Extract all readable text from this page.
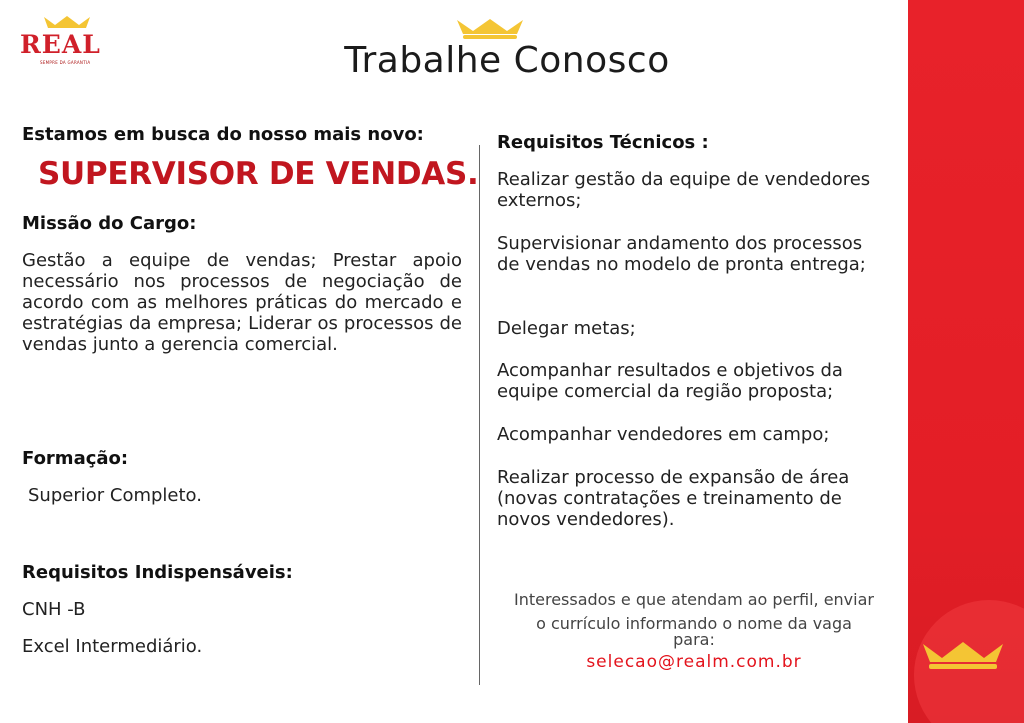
REAL
SEMPRE DA GARANTIA	Trabalhe Conosco
Estamos em busca do nosso mais novo:
SUPERVISOR DE VENDAS.
Missão do Cargo:
Gestão a equipe de vendas; Prestar apoio necessário nos processos de negociação de acordo com as melhores práticas do mercado e estratégias da empresa; Liderar os processos de vendas junto a gerencia comercial.
Formação:
Superior Completo.
Requisitos Indispensáveis:
CNH -B
Excel Intermediário.
Requisitos Técnicos :
Realizar gestão da equipe de vendedores externos;
Supervisionar andamento dos processos de vendas no modelo de pronta entrega;
Delegar metas;
Acompanhar resultados e objetivos da equipe comercial da região proposta;
Acompanhar vendedores em campo;
Realizar processo de expansão de área (novas contratações e treinamento de novos vendedores).
Interessados e que atendam ao perfil, enviar
o currículo informando o nome da vaga
para:
selecao@realm.com.br
